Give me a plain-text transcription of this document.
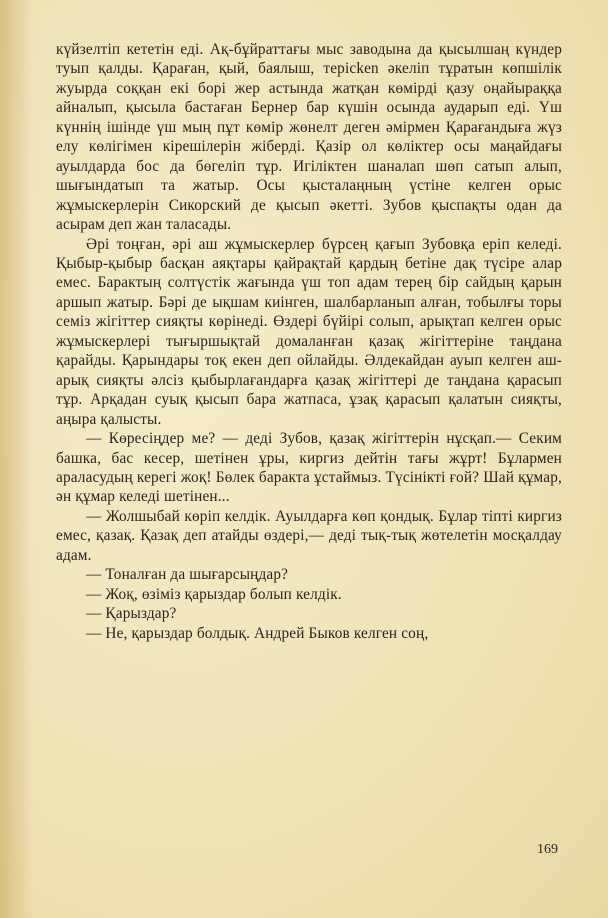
күйзелтіп кететін еді. Ақ-бұйраттағы мыс заводына да қысылшаң күндер туып қалды. Қараған, қый, баялыш, терісken әкеліп тұратын көпшілік жуырда соққан екі борі жер астында жатқан көмірді қазу оңайыраққа айналып, қысыла бастаған Бернер бар күшін осында аударып еді. Үш күннің ішінде үш мың пұт көмір жөнелт деген әмірмен Қарағандыға жүз елу көлігімен кірешілерін жіберді. Қазір ол көліктер осы маңайдағы ауылдарда бос да бөгеліп тұр. Игіліктен шаналап шөп сатып алып, шығындатып та жатыр. Осы қысталаңның үстіне келген орыс жұмыскерлерін Сикорский де қысып әкетті. Зубов қыспақты одан да асырам деп жан таласады.

Әрі тоңған, әрі аш жұмыскерлер бүрсең қағып Зубовқа еріп келеді. Қыбыр-қыбыр басқан аяқтары қайрақтай қардың бетіне дақ түсіре алар емес. Барактың солтүстік жағында үш топ адам терең бір сайдың қарын аршып жатыр. Бәрі де ықшам киінген, шалбарланып алған, тобылғы торы семіз жігіттер сияқты көрінеді. Өздері бүйірі солып, арықтап келген орыс жұмыскерлері тығыршықтай домаланған қазақ жігіттеріне таңдана қарайды. Қарындары тоқ екен деп ойлайды. Әлдекайдан ауып келген аш-арық сияқты әлсіз қыбырлағандарға қазақ жігіттері де таңдана қарасып тұр. Арқадан суық қысып бара жатпаса, ұзақ қарасып қалатын сияқты, аңыра қалысты.

— Көресіңдер ме? — деді Зубов, қазақ жігіттерін нұсқап.— Секим башка, бас кесер, шетінен ұры, киргиз дейтін тағы жұрт! Бұлармен араласудың керегі жоқ! Бөлек баракта ұстаймыз. Түсінікті ғой? Шай құмар, ән құмар келеді шетінен...

— Жолшыбай көріп келдік. Ауылдарға көп қондық. Бұлар тіпті киргиз емес, қазақ. Қазақ деп атайды өздері,— деді тық-тық жөтелетін мосқалдау адам.

— Тоналған да шығарсыңдар?

— Жоқ, өзіміз қарыздар болып келдік.

— Қарыздар?

— Не, қарыздар болдық. Андрей Быков келген соң,

169
